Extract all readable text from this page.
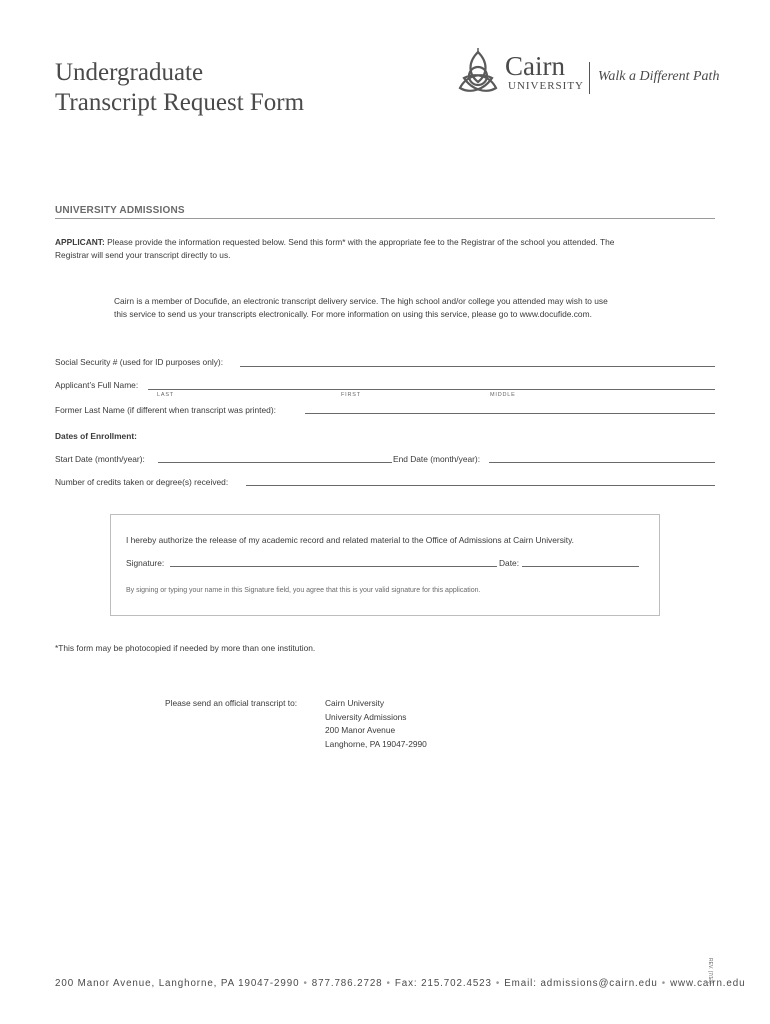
Undergraduate
Transcript Request Form
Cairn
UNIVERSITY
Walk a Different Path
UNIVERSITY ADMISSIONS
APPLICANT: Please provide the information requested below. Send this form* with the appropriate fee to the Registrar of the school you attended. The
Registrar will send your transcript directly to us.
Cairn is a member of Docufide, an electronic transcript delivery service. The high school and/or college you attended may wish to use
this service to send us your transcripts electronically. For more information on using this service, please go to www.docufide.com.
Social Security # (used for ID purposes only):
Applicant’s Full Name:
LAST	FIRST	MIDDLE
Former Last Name (if different when transcript was printed):
Dates of Enrollment:
Start Date (month/year):	End Date (month/year):
Number of credits taken or degree(s) received:
I hereby authorize the release of my academic record and related material to the Office of Admissions at Cairn University.
Signature:	Date:
By signing or typing your name in this Signature field, you agree that this is your valid signature for this application.
*This form may be photocopied if needed by more than one institution.
Please send an official transcript to:	Cairn University
University Admissions
200 Manor Avenue
Langhorne, PA 19047-2990
REV. (7/13)
200 Manor Avenue, Langhorne, PA 19047-2990 • 877.786.2728 • Fax: 215.702.4523 • Email: admissions@cairn.edu • www.cairn.edu
